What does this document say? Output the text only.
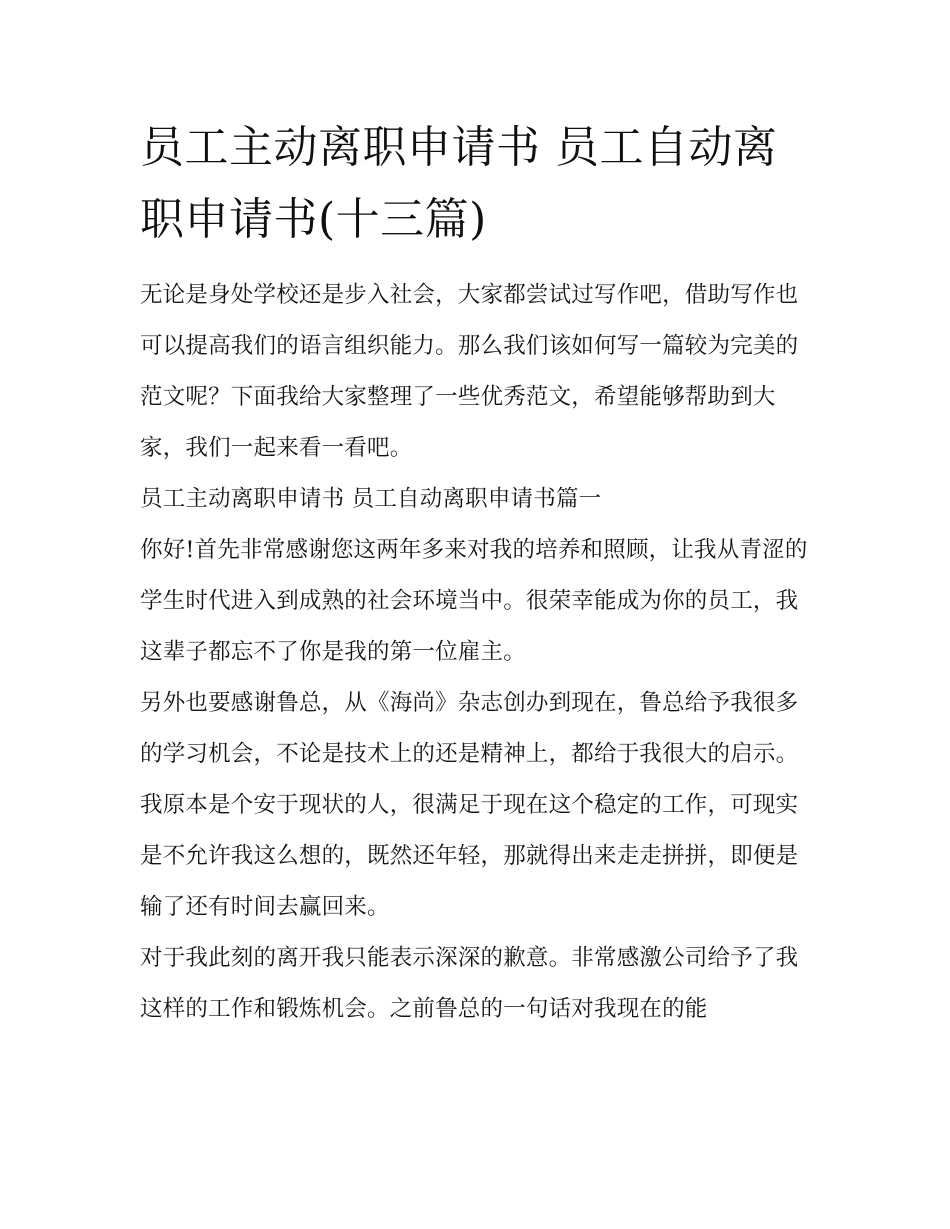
员工主动离职申请书 员工自动离职申请书(十三篇)

无论是身处学校还是步入社会，大家都尝试过写作吧，借助写作也可以提高我们的语言组织能力。那么我们该如何写一篇较为完美的范文呢？下面我给大家整理了一些优秀范文，希望能够帮助到大家，我们一起来看一看吧。

员工主动离职申请书 员工自动离职申请书篇一

你好!首先非常感谢您这两年多来对我的培养和照顾，让我从青涩的学生时代进入到成熟的社会环境当中。很荣幸能成为你的员工，我这辈子都忘不了你是我的第一位雇主。

另外也要感谢鲁总，从《海尚》杂志创办到现在，鲁总给予我很多的学习机会，不论是技术上的还是精神上，都给于我很大的启示。

我原本是个安于现状的人，很满足于现在这个稳定的工作，可现实是不允许我这么想的，既然还年轻，那就得出来走走拼拼，即便是输了还有时间去赢回来。

对于我此刻的离开我只能表示深深的歉意。非常感激公司给予了我这样的工作和锻炼机会。之前鲁总的一句话对我现在的能
